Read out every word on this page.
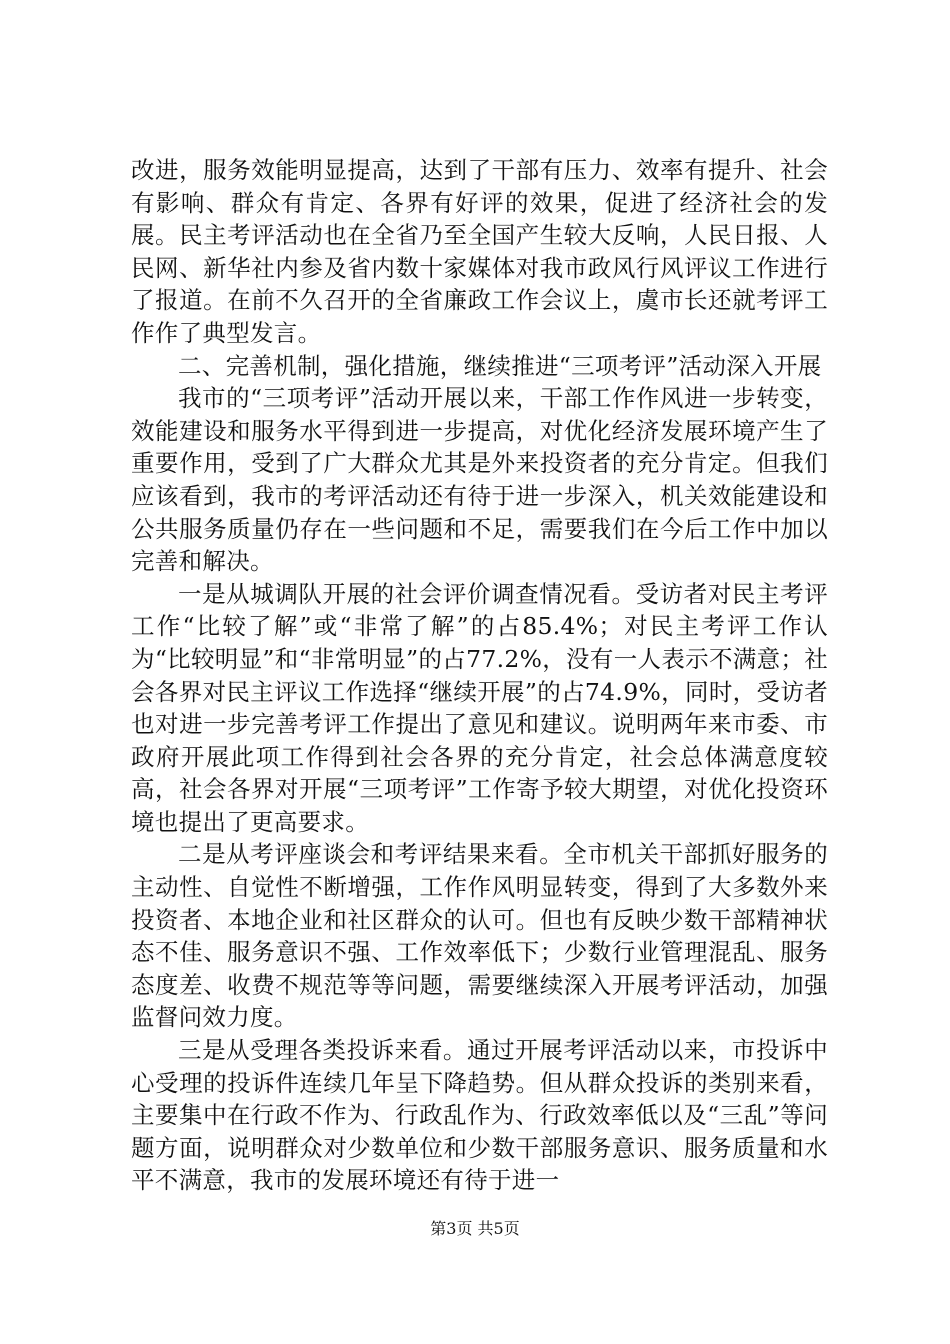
改进，服务效能明显提高，达到了干部有压力、效率有提升、社会有影响、群众有肯定、各界有好评的效果，促进了经济社会的发展。民主考评活动也在全省乃至全国产生较大反响，人民日报、人民网、新华社内参及省内数十家媒体对我市政风行风评议工作进行了报道。在前不久召开的全省廉政工作会议上，虞市长还就考评工作作了典型发言。

二、完善机制，强化措施，继续推进“三项考评”活动深入开展

我市的“三项考评”活动开展以来，干部工作作风进一步转变，效能建设和服务水平得到进一步提高，对优化经济发展环境产生了重要作用，受到了广大群众尤其是外来投资者的充分肯定。但我们应该看到，我市的考评活动还有待于进一步深入，机关效能建设和公共服务质量仍存在一些问题和不足，需要我们在今后工作中加以完善和解决。

一是从城调队开展的社会评价调查情况看。受访者对民主考评工作“比较了解”或“非常了解”的占85.4%；对民主考评工作认为“比较明显”和“非常明显”的占77.2%，没有一人表示不满意；社会各界对民主评议工作选择“继续开展”的占74.9%，同时，受访者也对进一步完善考评工作提出了意见和建议。说明两年来市委、市政府开展此项工作得到社会各界的充分肯定，社会总体满意度较高，社会各界对开展“三项考评”工作寄予较大期望，对优化投资环境也提出了更高要求。

二是从考评座谈会和考评结果来看。全市机关干部抓好服务的主动性、自觉性不断增强，工作作风明显转变，得到了大多数外来投资者、本地企业和社区群众的认可。但也有反映少数干部精神状态不佳、服务意识不强、工作效率低下；少数行业管理混乱、服务态度差、收费不规范等等问题，需要继续深入开展考评活动，加强监督问效力度。

三是从受理各类投诉来看。通过开展考评活动以来，市投诉中心受理的投诉件连续几年呈下降趋势。但从群众投诉的类别来看，主要集中在行政不作为、行政乱作为、行政效率低以及“三乱”等问题方面，说明群众对少数单位和少数干部服务意识、服务质量和水平不满意，我市的发展环境还有待于进一

第3页 共5页
